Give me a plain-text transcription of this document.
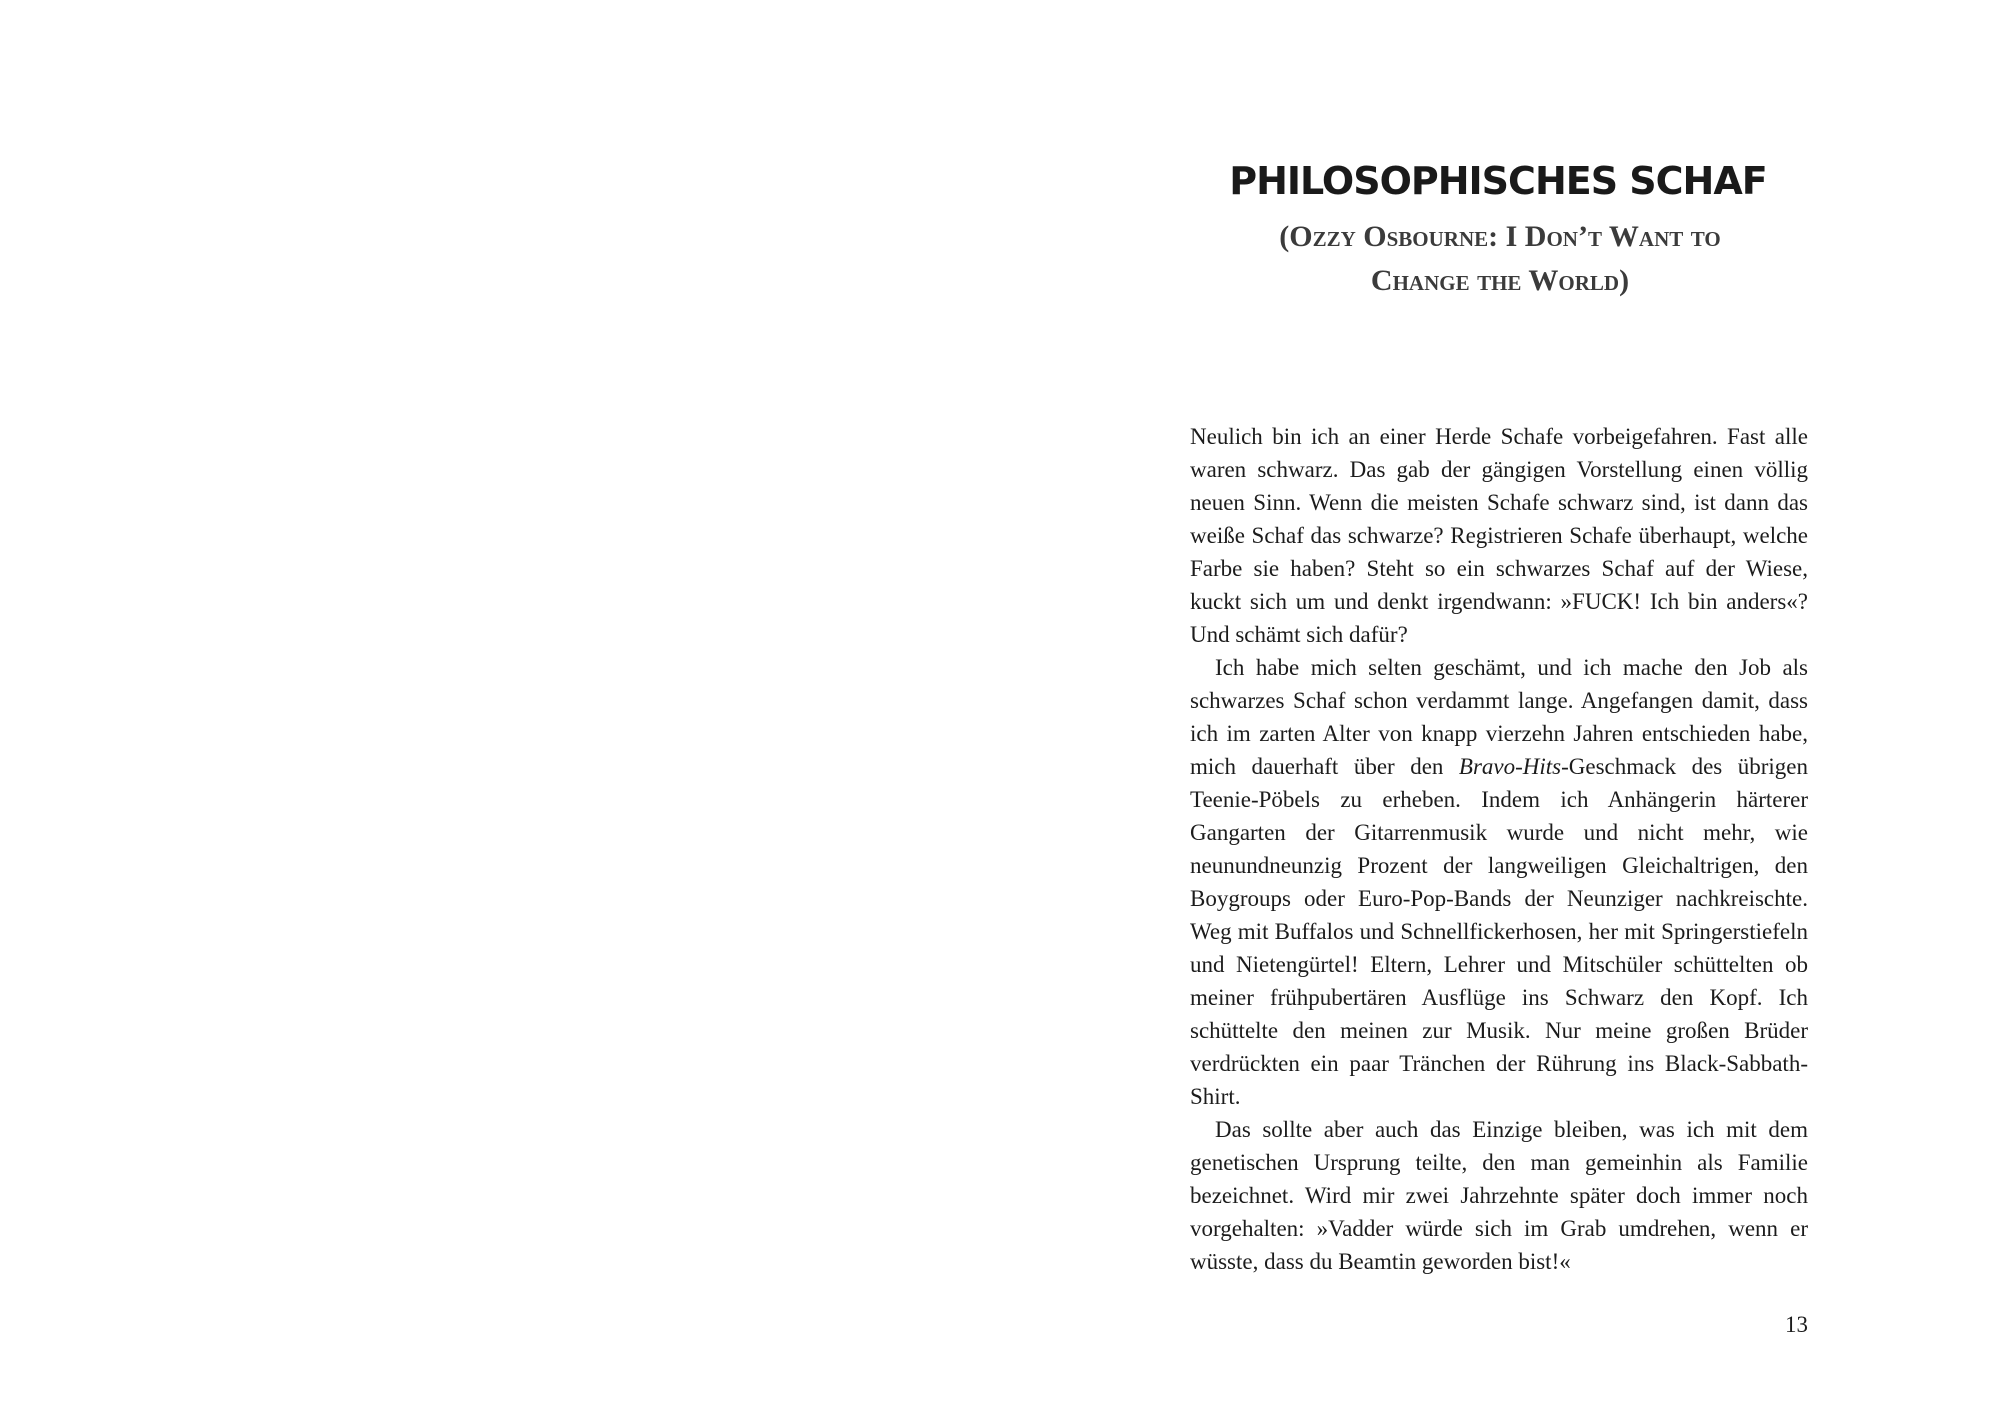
PHILOSOPHISCHES SCHAF
(Ozzy Osbourne: I Don’t Want to Change the World)

Neulich bin ich an einer Herde Schafe vorbeigefahren. Fast alle waren schwarz. Das gab der gängigen Vorstellung einen völlig neuen Sinn. Wenn die meisten Schafe schwarz sind, ist dann das weiße Schaf das schwarze? Registrieren Schafe überhaupt, welche Farbe sie haben? Steht so ein schwarzes Schaf auf der Wiese, kuckt sich um und denkt irgendwann: »FUCK! Ich bin anders«? Und schämt sich dafür?

Ich habe mich selten geschämt, und ich mache den Job als schwarzes Schaf schon verdammt lange. Angefangen damit, dass ich im zarten Alter von knapp vierzehn Jahren entschieden habe, mich dauerhaft über den Bravo-Hits-Geschmack des übrigen Teenie-Pöbels zu erheben. Indem ich Anhängerin härterer Gangarten der Gitarrenmusik wurde und nicht mehr, wie neunundneunzig Prozent der langweiligen Gleichaltrigen, den Boygroups oder Euro-Pop-Bands der Neunziger nachkreischte. Weg mit Buffalos und Schnellfickerhosen, her mit Springerstiefeln und Nietengürtel! Eltern, Lehrer und Mitschüler schüttelten ob meiner frühpubertären Ausflüge ins Schwarz den Kopf. Ich schüttelte den meinen zur Musik. Nur meine großen Brüder verdrückten ein paar Tränchen der Rührung ins Black-Sabbath-Shirt.

Das sollte aber auch das Einzige bleiben, was ich mit dem genetischen Ursprung teilte, den man gemeinhin als Familie bezeichnet. Wird mir zwei Jahrzehnte später doch immer noch vorgehalten: »Vadder würde sich im Grab umdrehen, wenn er wüsste, dass du Beamtin geworden bist!«

13
